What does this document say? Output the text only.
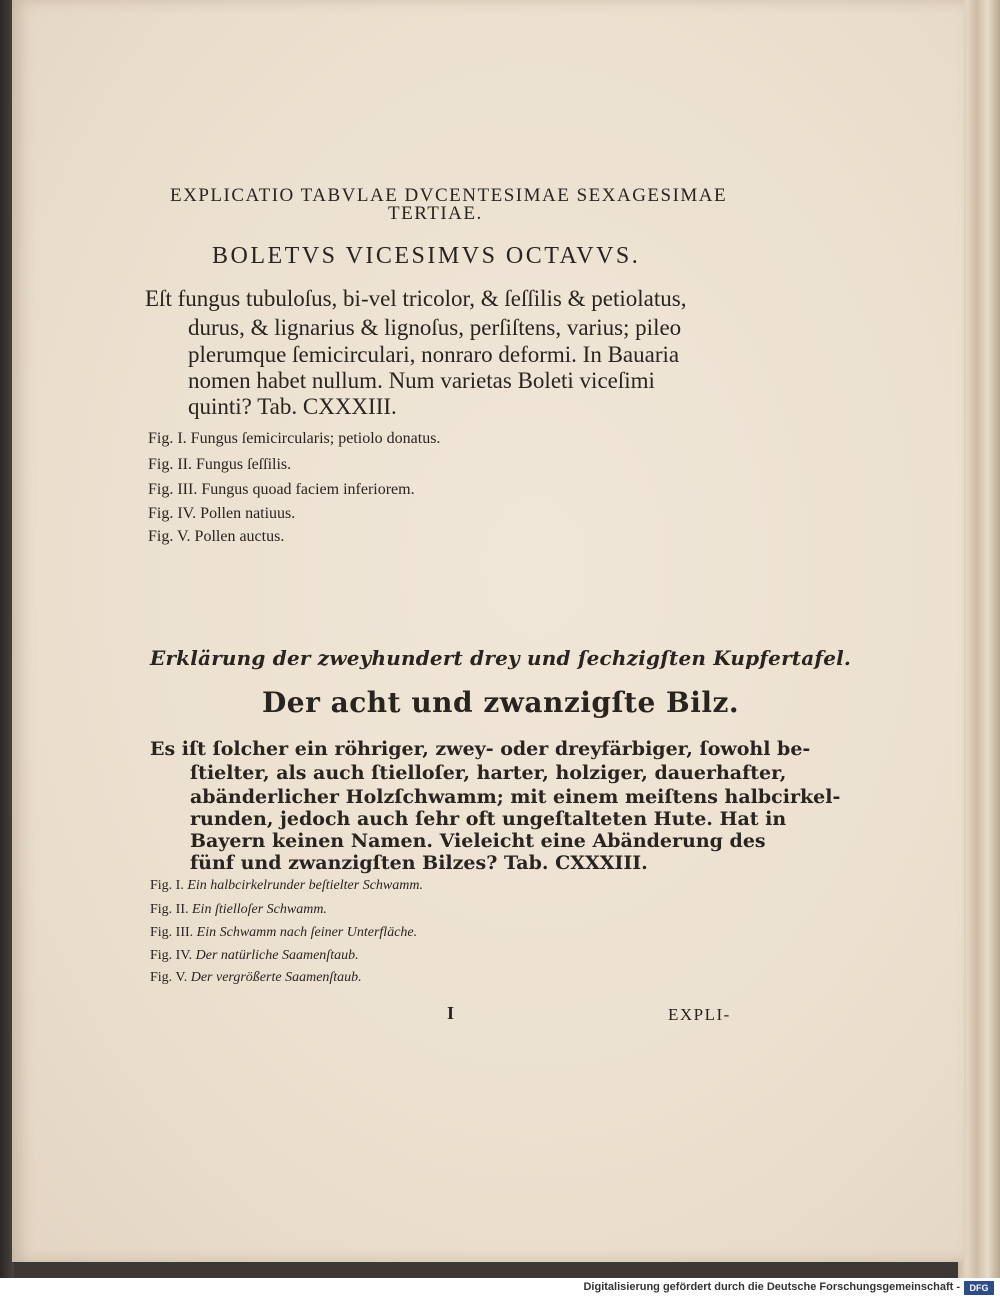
EXPLICATIO TABVLAE DVCENTESIMAE SEXAGESIMAE
TERTIAE.
BOLETVS VICESIMVS OCTAVVS.
Eſt fungus tubuloſus, bi-vel tricolor, & ſeſſilis & petiolatus,
durus, & lignarius & lignoſus, perſiſtens, varius; pileo
plerumque ſemicirculari, nonraro deformi. In Bauaria
nomen habet nullum. Num varietas Boleti viceſimi
quinti? Tab. CXXXIII.
Fig. I. Fungus ſemicircularis; petiolo donatus.
Fig. II. Fungus ſeſſilis.
Fig. III. Fungus quoad faciem inferiorem.
Fig. IV. Pollen natiuus.
Fig. V. Pollen auctus.
Erklärung der zweyhundert drey und ſechzigſten Kupfertafel.
Der acht und zwanzigſte Bilz.
Es iſt ſolcher ein röhriger, zwey- oder dreyfärbiger, ſowohl be-
ſtielter, als auch ſtielloſer, harter, holziger, dauerhafter,
abänderlicher Holzſchwamm; mit einem meiſtens halbcirkel-
runden, jedoch auch ſehr oft ungeſtalteten Hute. Hat in
Bayern keinen Namen. Vieleicht eine Abänderung des
fünf und zwanzigſten Bilzes? Tab. CXXXIII.
Fig. I. Ein halbcirkelrunder beſtielter Schwamm.
Fig. II. Ein ſtielloſer Schwamm.
Fig. III. Ein Schwamm nach ſeiner Unterfläche.
Fig. IV. Der natürliche Saamenſtaub.
Fig. V. Der vergrößerte Saamenſtaub.
I	EXPLI-
Digitalisierung gefördert durch die Deutsche Forschungsgemeinschaft -	DFG
